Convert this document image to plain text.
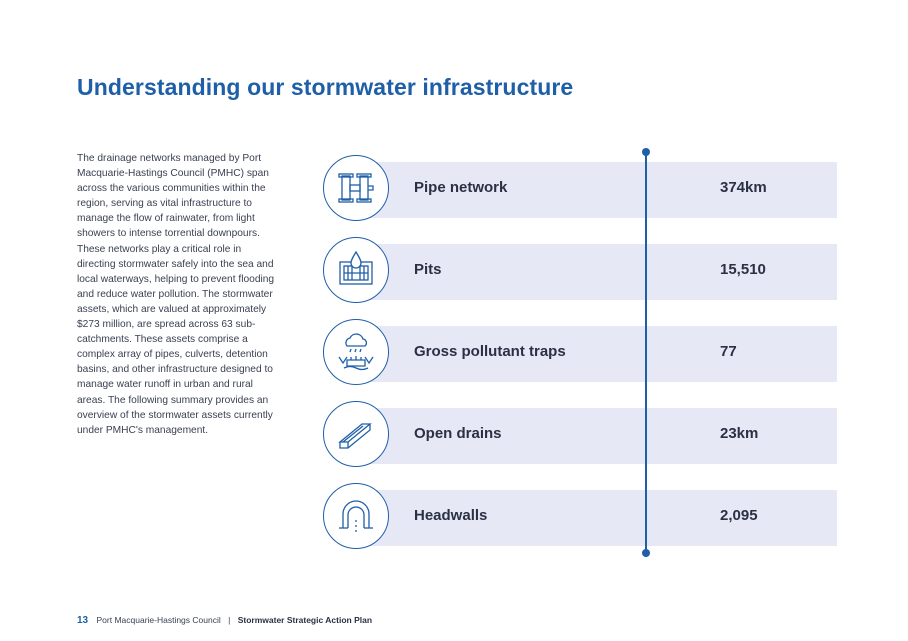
Understanding our stormwater infrastructure

The drainage networks managed by Port Macquarie-Hastings Council (PMHC) span across the various communities within the region, serving as vital infrastructure to manage the flow of rainwater, from light showers to intense torrential downpours. These networks play a critical role in directing stormwater safely into the sea and local waterways, helping to prevent flooding and reduce water pollution. The stormwater assets, which are valued at approximately $273 million, are spread across 63 sub-catchments. These assets comprise a complex array of pipes, culverts, detention basins, and other infrastructure designed to manage water runoff in urban and rural areas. The following summary provides an overview of the stormwater assets currently under PMHC's management.

Pipe network	374km
Pits	15,510
Gross pollutant traps	77
Open drains	23km
Headwalls	2,095
13 Port Macquarie-Hastings Council | Stormwater Strategic Action Plan
